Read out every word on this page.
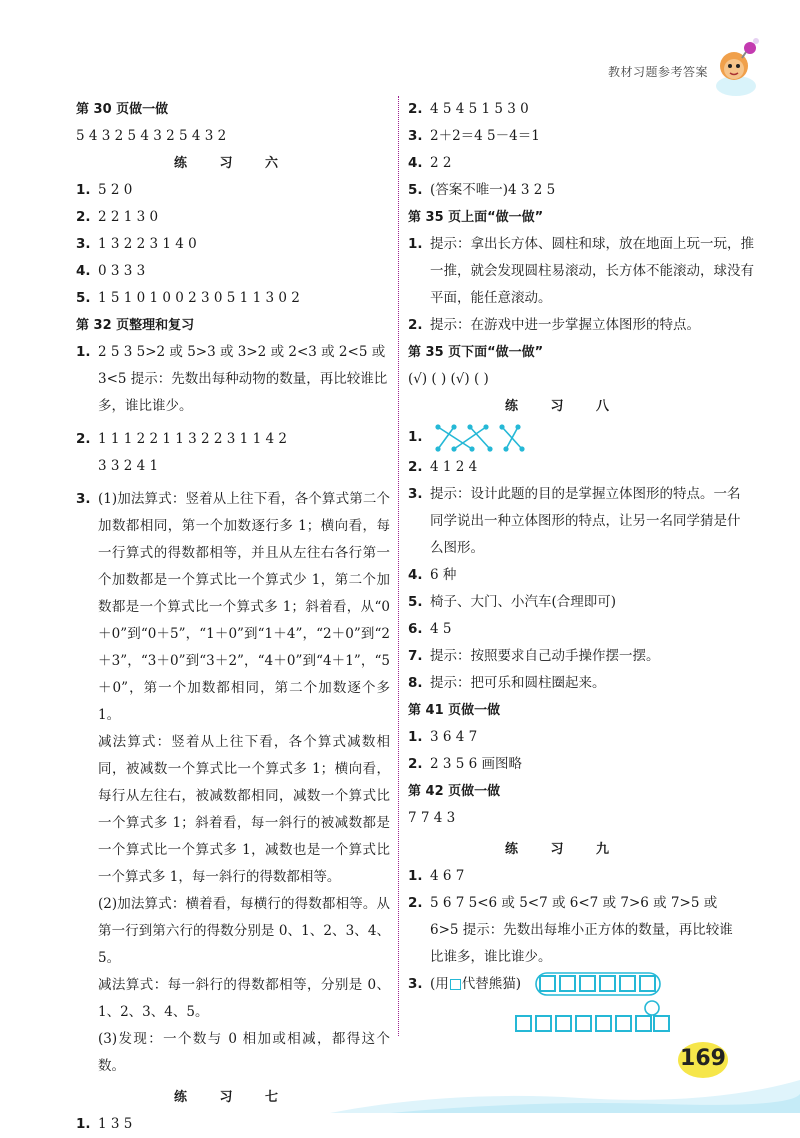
教材习题参考答案
第 30 页做一做
5 4 3 2 5 4 3 2 5 4 3 2
练 习 六
1. 5 2 0
2. 2 2 1 3 0
3. 1 3 2 2 3 1 4 0
4. 0 3 3 3
5. 1 5 1 0 1 0 0 2 3 0 5 1 1 3 0 2
第 32 页整理和复习
1. 2 5 3 5>2 或 5>3 或 3>2 或 2<3 或 2<5 或
3<5 提示：先数出每种动物的数量，再比较谁比
多，谁比谁少。
2. 1 1 1 2 2 1 1 3 2 2 3 1 1 4 2
3 3 2 4 1
3. (1)加法算式：竖着从上往下看，各个算式第二个加数都相同，第一个加数逐行多 1；横向看，每一行算式的得数都相等，并且从左往右各行第一个加数都是一个算式比一个算式少 1，第二个加数都是一个算式比一个算式多 1；斜着看，从“0＋0”到“0＋5”，“1＋0”到“1＋4”，“2＋0”到“2＋3”，“3＋0”到“3＋2”，“4＋0”到“4＋1”，“5＋0”，第一个加数都相同，第二个加数逐个多 1。
减法算式：竖着从上往下看，各个算式减数相同，被减数一个算式比一个算式多 1；横向看，每行从左往右，被减数都相同，减数一个算式比一个算式多 1；斜着看，每一斜行的被减数都是一个算式比一个算式多 1，减数也是一个算式比一个算式多 1，每一斜行的得数都相等。
(2)加法算式：横着看，每横行的得数都相等。从第一行到第六行的得数分别是 0、1、2、3、4、5。
减法算式：每一斜行的得数都相等，分别是 0、1、2、3、4、5。
(3)发现：一个数与 0 相加或相减，都得这个数。
练 习 七
1. 1 3 5
2. 4 5 4 5 1 5 3 0
3. 2＋2＝4 5－4＝1
4. 2 2
5. (答案不唯一)4 3 2 5
第 35 页上面“做一做”
1. 提示：拿出长方体、圆柱和球，放在地面上玩一玩，推
一推，就会发现圆柱易滚动，长方体不能滚动，球没有
平面，能任意滚动。
2. 提示：在游戏中进一步掌握立体图形的特点。
第 35 页下面“做一做”
(√) ( ) (√) ( )
练 习 八
1.
2. 4 1 2 4
3. 提示：设计此题的目的是掌握立体图形的特点。一名
同学说出一种立体图形的特点，让另一名同学猜是什
么图形。
4. 6 种
5. 椅子、大门、小汽车(合理即可)
6. 4 5
7. 提示：按照要求自己动手操作摆一摆。
8. 提示：把可乐和圆柱圈起来。
第 41 页做一做
1. 3 6 4 7
2. 2 3 5 6 画图略
第 42 页做一做
7 7 4 3
练 习 九
1. 4 6 7
2. 5 6 7 5<6 或 5<7 或 6<7 或 7>6 或 7>5 或
6>5 提示：先数出每堆小正方体的数量，再比较谁
比谁多，谁比谁少。
3. (用 代替熊猫)
169
